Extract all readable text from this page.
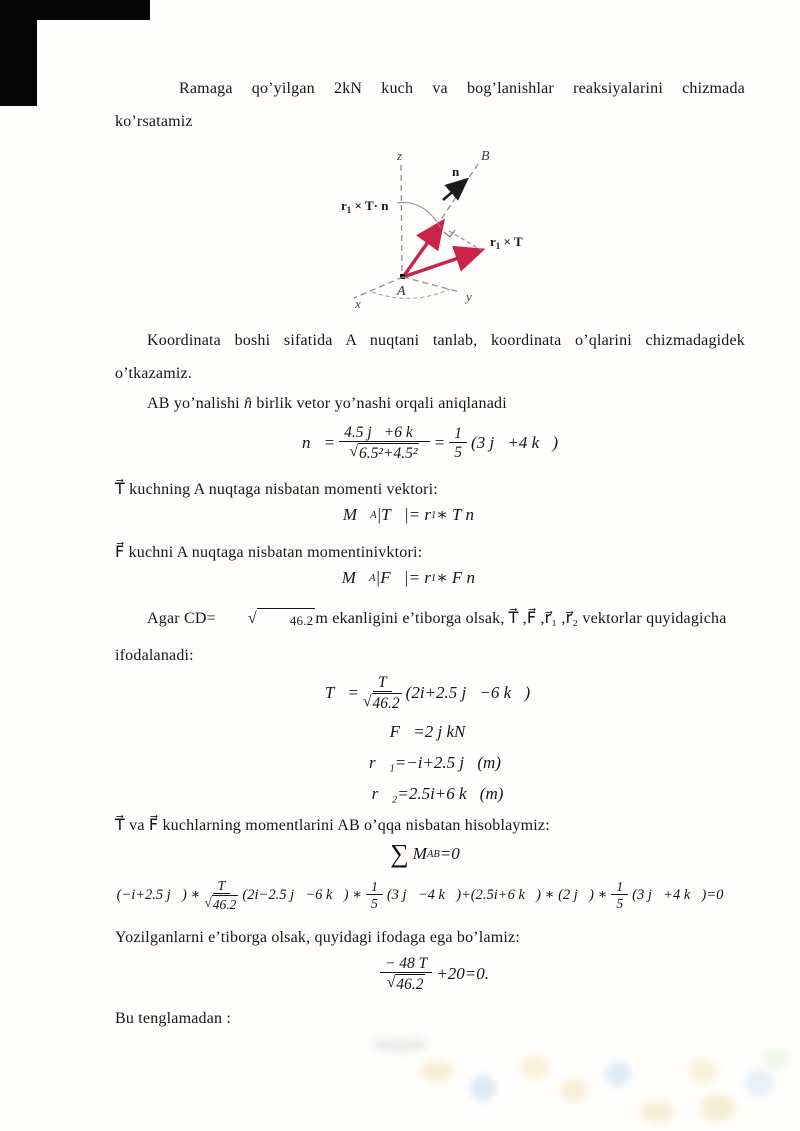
Ramaga qo’yilgan 2kN kuch va bog’lanishlar reaksiyalarini chizmada
ko’rsatamiz
z	B
n
$r_1 \times T\cdot n$
$r_1 \times T$
A
x	y
Koordinata boshi sifatida A nuqtani tanlab, koordinata o’qlarini chizmadagidek
o’tkazamiz.
AB yo’nalishi n̂ birlik vetor yo’nashi orqali aniqlanadi
n⃗= $\frac{4.5 j⃗+6 k⃗}{\text{√ 6.5²+4.5²}} = \frac{1}{5} (3$ j⃗+4 k⃗)
T⃗ kuchning A nuqtaga nisbatan momenti vektori:
M⃗ A |T⃗|= r 1 ∗ T n⃗
F⃗ kuchni A nuqtaga nisbatan momentinivktori:
M⃗ A |F⃗|= r 1 ∗ F n⃗
Agar CD=	√	46.2 m ekanligini e’tiborga olsak, T⃗ ,F⃗ ,r⃗₁ ,r⃗₂ vektorlar quyidagicha
ifodalanadi:
T⃗= $\frac{T}{√ 46.2} (2i+2.5$ j⃗−6 k⃗)
F⃗=2 j kN
r⃗₁=−i+2.5 j⃗(m)
r⃗₂=2.5i+6 k⃗(m)
T⃗ va F⃗ kuchlarning momentlarini AB o’qqa nisbatan hisoblaymiz:
∑ M AB =0
(−i+2.5 j⃗) ∗ $\frac{T}{√ 46.2} (2i-2.5$ j⃗−6 k⃗) ∗ $\frac{1}{5} (3$ j⃗−4 k⃗)+(2.5i+6 k⃗) ∗ (2 j⃗) ∗ $\frac{1}{5} (3$ j⃗+4 k⃗)=0
Yozilganlarni e’tiborga olsak, quyidagi ifodaga ega bo’lamiz:
$\frac{- 48 T}{√ 46.2} +20=0$.
Bu tenglamadan :
